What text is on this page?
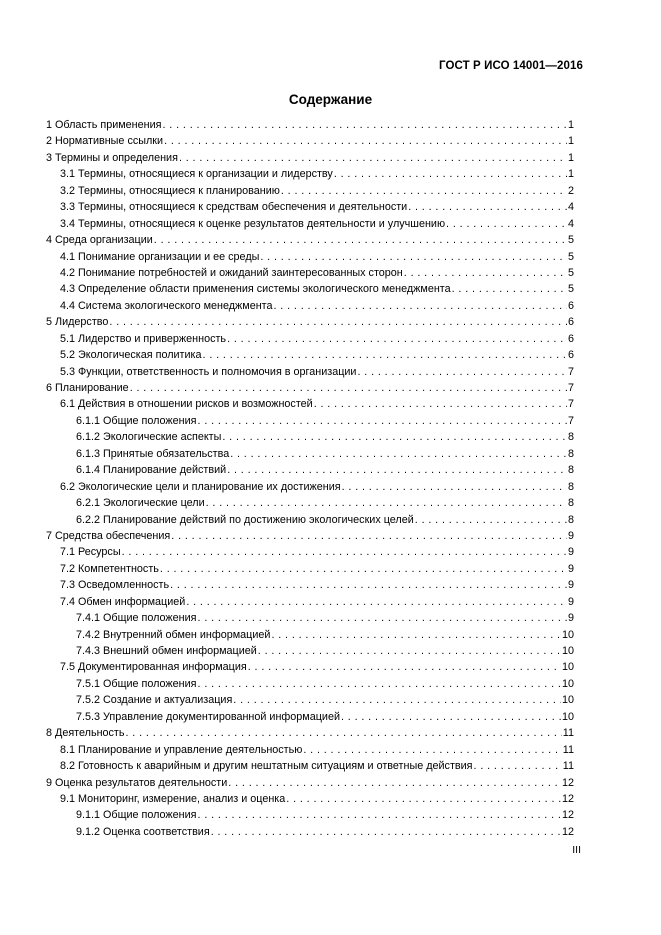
ГОСТ Р ИСО 14001—2016
Содержание
1 Область применения . . .	1
2 Нормативные ссылки . . .	1
3 Термины и определения . . .	1
3.1 Термины, относящиеся к организации и лидерству . . .	1
3.2 Термины, относящиеся к планированию . . .	2
3.3 Термины, относящиеся к средствам обеспечения и деятельности . . .	4
3.4 Термины, относящиеся к оценке результатов деятельности и улучшению . . .	4
4 Среда организации . . .	5
4.1 Понимание организации и ее среды . . .	5
4.2 Понимание потребностей и ожиданий заинтересованных сторон . . .	5
4.3 Определение области применения системы экологического менеджмента . . .	5
4.4 Система экологического менеджмента . . .	6
5 Лидерство . . .	6
5.1 Лидерство и приверженность . . .	6
5.2 Экологическая политика . . .	6
5.3 Функции, ответственность и полномочия в организации . . .	7
6 Планирование . . .	7
6.1 Действия в отношении рисков и возможностей . . .	7
6.1.1 Общие положения . . .	7
6.1.2 Экологические аспекты . . .	8
6.1.3 Принятые обязательства . . .	8
6.1.4 Планирование действий . . .	8
6.2 Экологические цели и планирование их достижения . . .	8
6.2.1 Экологические цели . . .	8
6.2.2 Планирование действий по достижению экологических целей . . .	8
7 Средства обеспечения . . .	9
7.1 Ресурсы . . .	9
7.2 Компетентность . . .	9
7.3 Осведомленность . . .	9
7.4 Обмен информацией . . .	9
7.4.1 Общие положения . . .	9
7.4.2 Внутренний обмен информацией . . .	10
7.4.3 Внешний обмен информацией . . .	10
7.5 Документированная информация . . .	10
7.5.1 Общие положения . . .	10
7.5.2 Создание и актуализация . . .	10
7.5.3 Управление документированной информацией . . .	10
8 Деятельность . . .	11
8.1 Планирование и управление деятельностью . . .	11
8.2 Готовность к аварийным и другим нештатным ситуациям и ответные действия . . .	11
9 Оценка результатов деятельности . . .	12
9.1 Мониторинг, измерение, анализ и оценка . . .	12
9.1.1 Общие положения . . .	12
9.1.2 Оценка соответствия . . .	12
III
